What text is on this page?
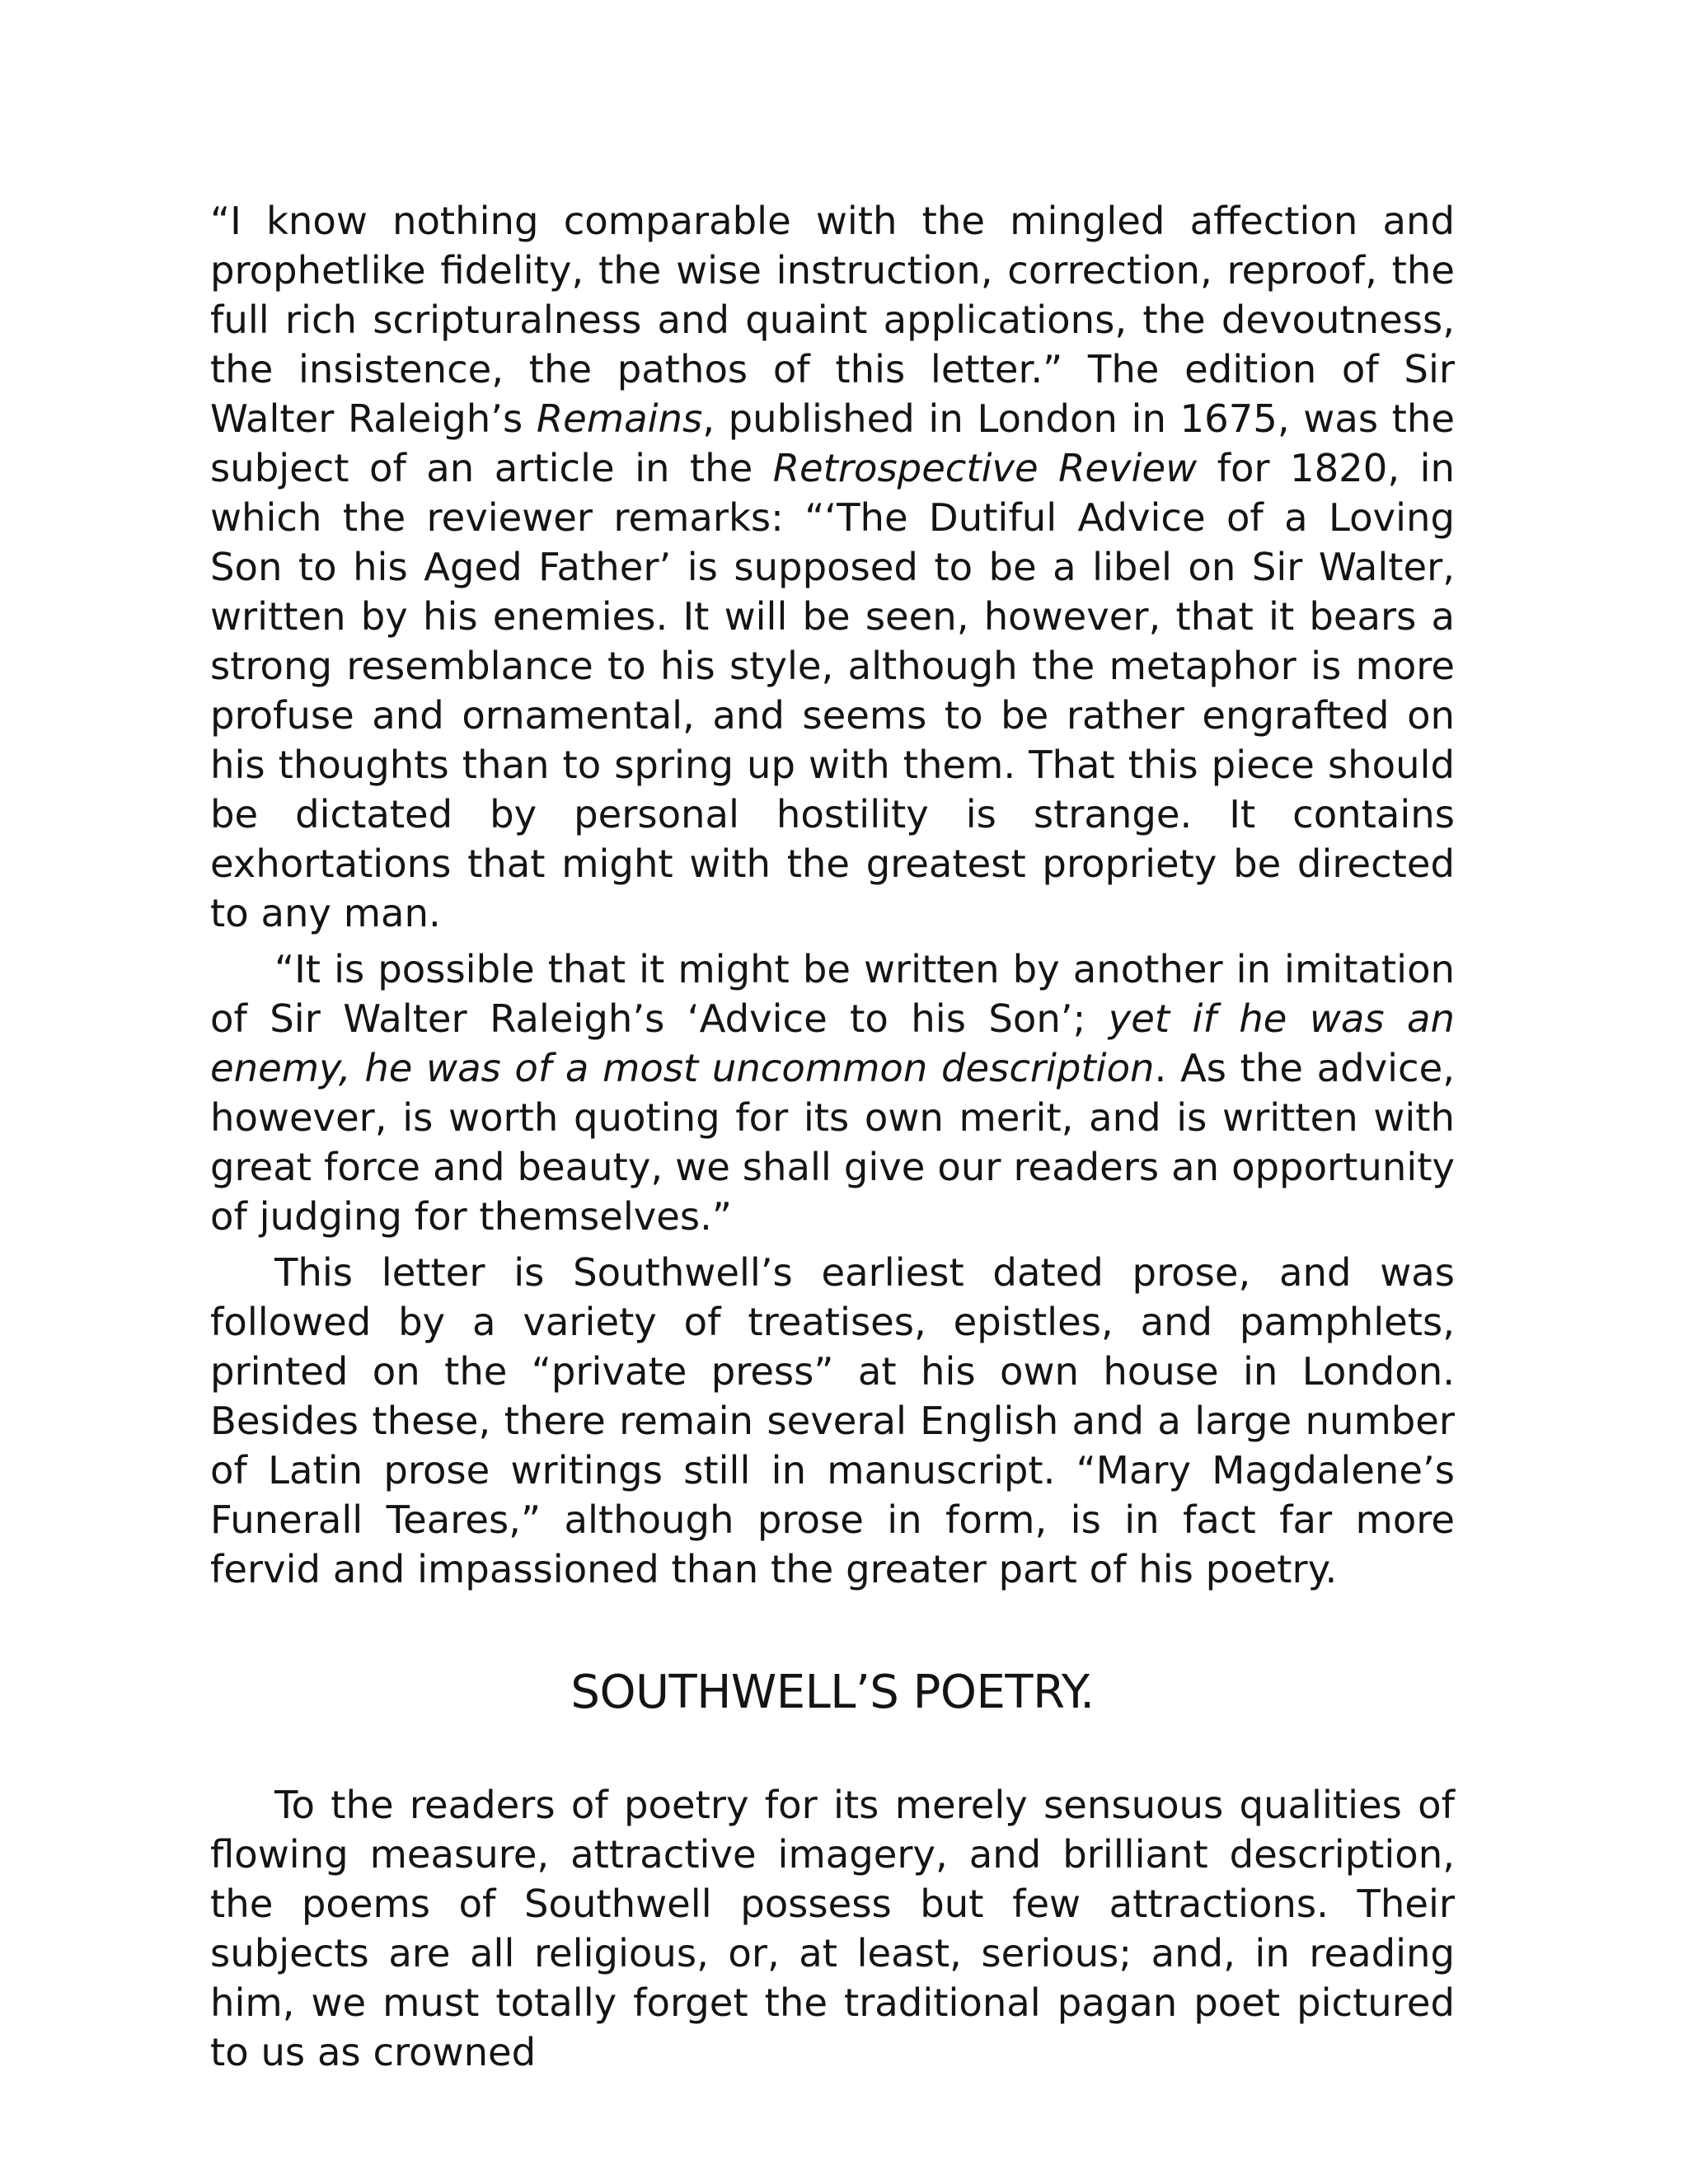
“I know nothing comparable with the mingled affection and prophetlike fidelity, the wise instruction, correction, reproof, the full rich scripturalness and quaint applications, the devoutness, the insistence, the pathos of this letter.” The edition of Sir Walter Raleigh’s Remains, published in London in 1675, was the subject of an article in the Retrospective Review for 1820, in which the reviewer remarks: “‘The Dutiful Advice of a Loving Son to his Aged Father’ is supposed to be a libel on Sir Walter, written by his enemies. It will be seen, however, that it bears a strong resemblance to his style, although the metaphor is more profuse and ornamental, and seems to be rather engrafted on his thoughts than to spring up with them. That this piece should be dictated by personal hostility is strange. It contains exhortations that might with the greatest propriety be directed to any man.

“It is possible that it might be written by another in imitation of Sir Walter Raleigh’s ‘Advice to his Son’; yet if he was an enemy, he was of a most uncommon description. As the advice, however, is worth quoting for its own merit, and is written with great force and beauty, we shall give our readers an opportunity of judging for themselves.”

This letter is Southwell’s earliest dated prose, and was followed by a variety of treatises, epistles, and pamphlets, printed on the “private press” at his own house in London. Besides these, there remain several English and a large number of Latin prose writings still in manuscript. “Mary Magdalene’s Funerall Teares,” although prose in form, is in fact far more fervid and impassioned than the greater part of his poetry.

SOUTHWELL’S POETRY.

To the readers of poetry for its merely sensuous qualities of flowing measure, attractive imagery, and brilliant description, the poems of Southwell possess but few attractions. Their subjects are all religious, or, at least, serious; and, in reading him, we must totally forget the traditional pagan poet pictured to us as crowned
